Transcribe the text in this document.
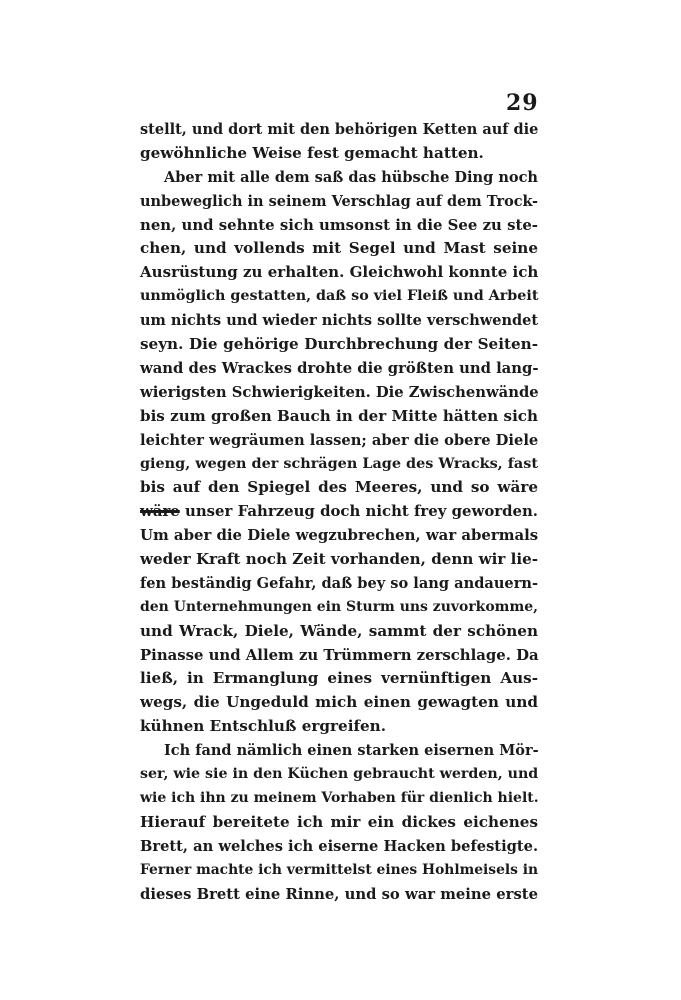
29
stellt, und dort mit den behörigen Ketten auf die
gewöhnliche Weise fest gemacht hatten.
Aber mit alle dem saß das hübsche Ding noch
unbeweglich in seinem Verschlag auf dem Trock-
nen, und sehnte sich umsonst in die See zu ste-
chen, und vollends mit Segel und Mast seine
Ausrüstung zu erhalten. Gleichwohl konnte ich
unmöglich gestatten, daß so viel Fleiß und Arbeit
um nichts und wieder nichts sollte verschwendet
seyn. Die gehörige Durchbrechung der Seiten-
wand des Wrackes drohte die größten und lang-
wierigsten Schwierigkeiten. Die Zwischenwände
bis zum großen Bauch in der Mitte hätten sich
leichter wegräumen lassen; aber die obere Diele
gieng, wegen der schrägen Lage des Wracks, fast
bis auf den Spiegel des Meeres, und so wäre
wäre unser Fahrzeug doch nicht frey geworden.
Um aber die Diele wegzubrechen, war abermals
weder Kraft noch Zeit vorhanden, denn wir lie-
fen beständig Gefahr, daß bey so lang andauern-
den Unternehmungen ein Sturm uns zuvorkomme,
und Wrack, Diele, Wände, sammt der schönen
Pinasse und Allem zu Trümmern zerschlage. Da
ließ, in Ermanglung eines vernünftigen Aus-
wegs, die Ungeduld mich einen gewagten und
kühnen Entschluß ergreifen.
Ich fand nämlich einen starken eisernen Mör-
ser, wie sie in den Küchen gebraucht werden, und
wie ich ihn zu meinem Vorhaben für dienlich hielt.
Hierauf bereitete ich mir ein dickes eichenes
Brett, an welches ich eiserne Hacken befestigte.
Ferner machte ich vermittelst eines Hohlmeisels in
dieses Brett eine Rinne, und so war meine erste
